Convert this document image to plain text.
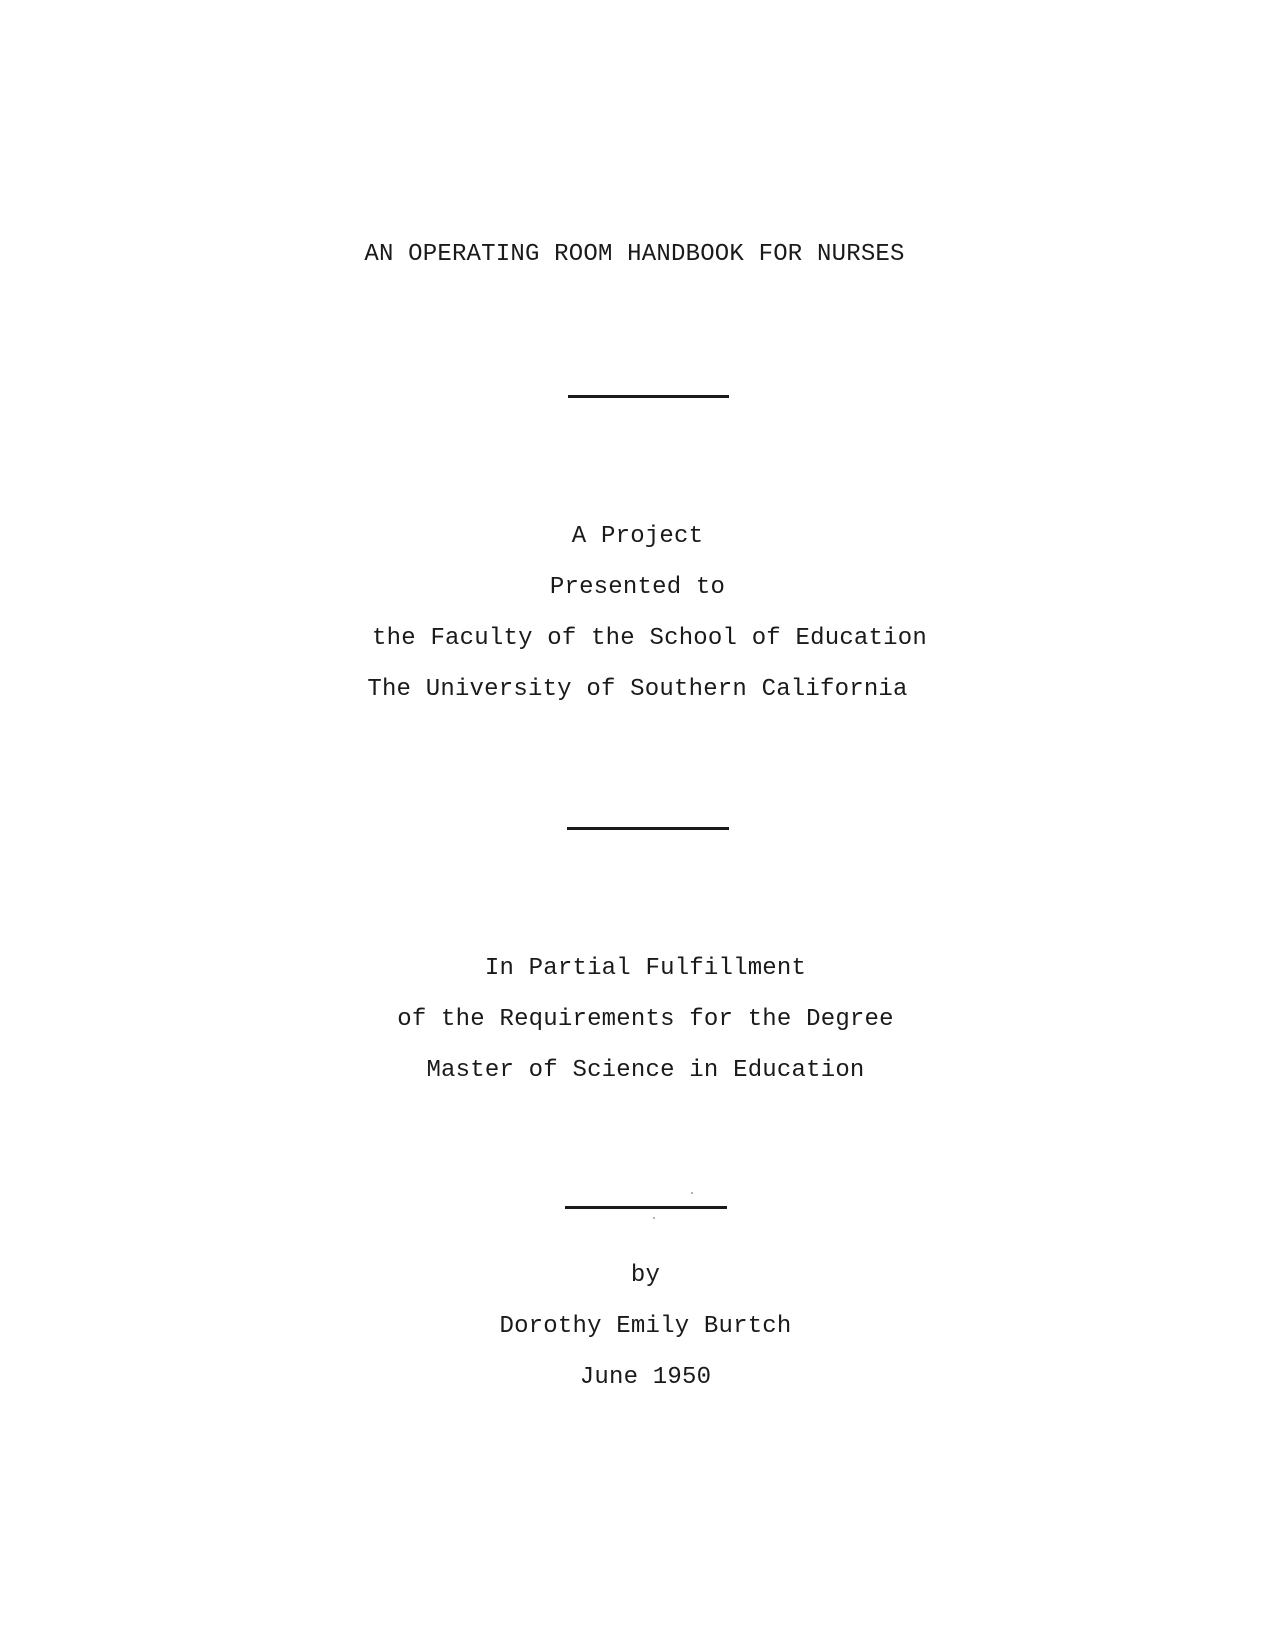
AN OPERATING ROOM HANDBOOK FOR NURSES
A Project
Presented to
the Faculty of the School of Education
The University of Southern California
In Partial Fulfillment
of the Requirements for the Degree
Master of Science in Education
by
Dorothy Emily Burtch
June 1950
